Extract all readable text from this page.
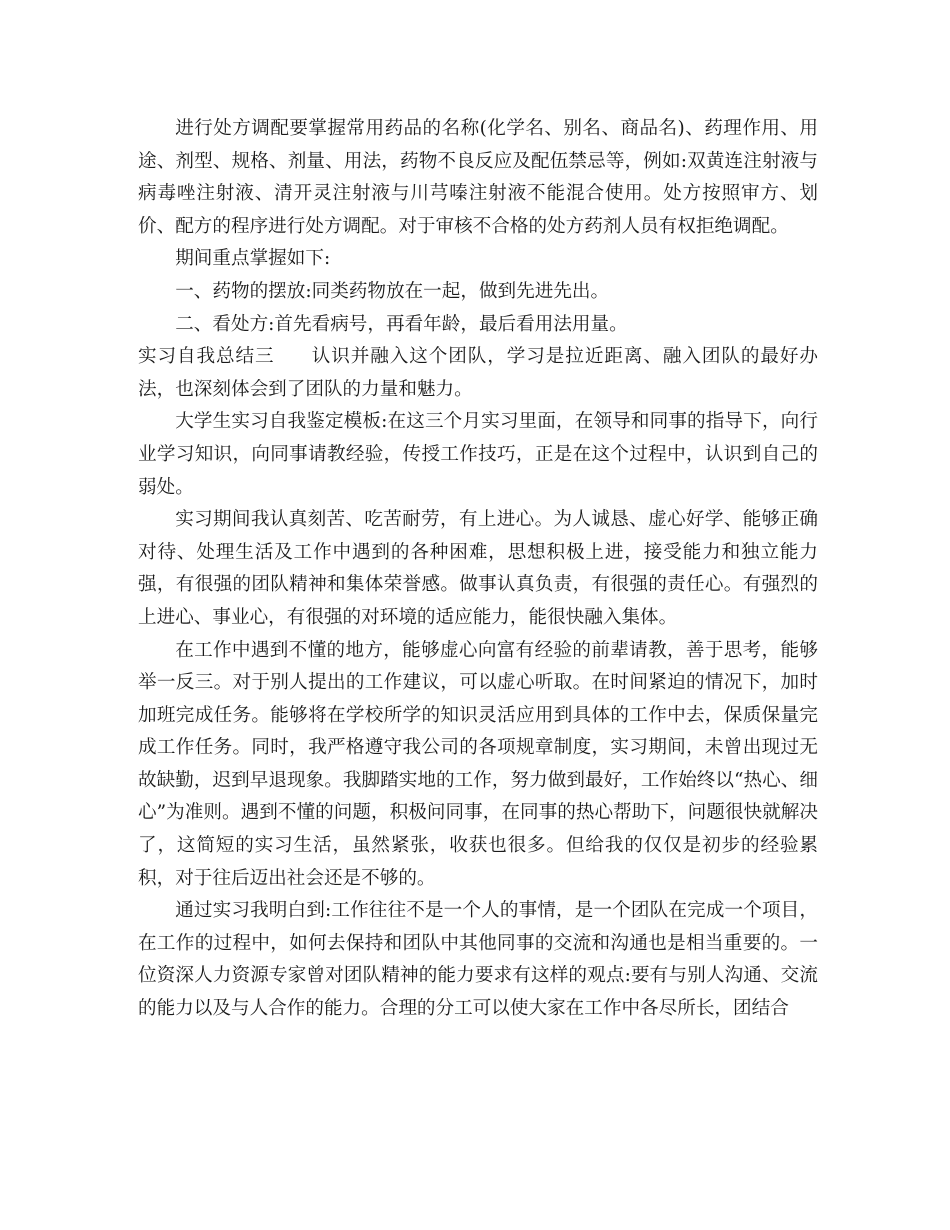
进行处方调配要掌握常用药品的名称(化学名、别名、商品名)、药理作用、用途、剂型、规格、剂量、用法，药物不良反应及配伍禁忌等，例如:双黄连注射液与病毒唑注射液、清开灵注射液与川芎嗪注射液不能混合使用。处方按照审方、划价、配方的程序进行处方调配。对于审核不合格的处方药剂人员有权拒绝调配。

期间重点掌握如下:

一、药物的摆放:同类药物放在一起，做到先进先出。

二、看处方:首先看病号，再看年龄，最后看用法用量。

实习自我总结三 认识并融入这个团队，学习是拉近距离、融入团队的最好办法，也深刻体会到了团队的力量和魅力。

大学生实习自我鉴定模板:在这三个月实习里面，在领导和同事的指导下，向行业学习知识，向同事请教经验，传授工作技巧，正是在这个过程中，认识到自己的弱处。

实习期间我认真刻苦、吃苦耐劳，有上进心。为人诚恳、虚心好学、能够正确对待、处理生活及工作中遇到的各种困难，思想积极上进，接受能力和独立能力强，有很强的团队精神和集体荣誉感。做事认真负责，有很强的责任心。有强烈的上进心、事业心，有很强的对环境的适应能力，能很快融入集体。

在工作中遇到不懂的地方，能够虚心向富有经验的前辈请教，善于思考，能够举一反三。对于别人提出的工作建议，可以虚心听取。在时间紧迫的情况下，加时加班完成任务。能够将在学校所学的知识灵活应用到具体的工作中去，保质保量完成工作任务。同时，我严格遵守我公司的各项规章制度，实习期间，未曾出现过无故缺勤，迟到早退现象。我脚踏实地的工作，努力做到最好，工作始终以“热心、细心”为准则。遇到不懂的问题，积极问同事，在同事的热心帮助下，问题很快就解决了，这简短的实习生活，虽然紧张，收获也很多。但给我的仅仅是初步的经验累积，对于往后迈出社会还是不够的。

通过实习我明白到:工作往往不是一个人的事情，是一个团队在完成一个项目，在工作的过程中，如何去保持和团队中其他同事的交流和沟通也是相当重要的。一位资深人力资源专家曾对团队精神的能力要求有这样的观点:要有与别人沟通、交流的能力以及与人合作的能力。合理的分工可以使大家在工作中各尽所长，团结合
